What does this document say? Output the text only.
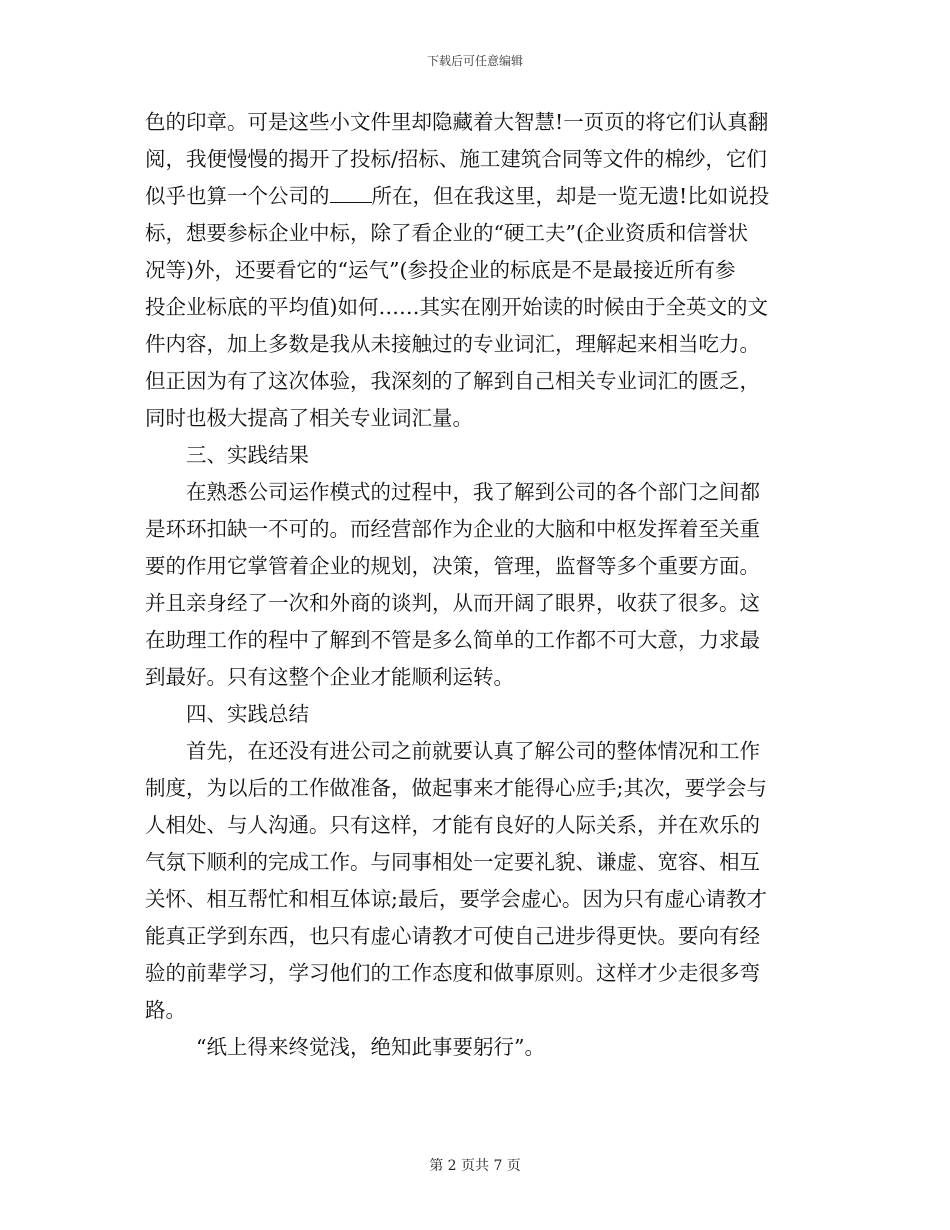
下载后可任意编辑
色的印章。可是这些小文件里却隐藏着大智慧!一页页的将它们认真翻
阅，我便慢慢的揭开了投标/招标、施工建筑合同等文件的棉纱，它们
似乎也算一个公司的 所在，但在我这里，却是一览无遗!比如说投
标，想要参标企业中标，除了看企业的“硬工夫”(企业资质和信誉状
况等)外，还要看它的“运气”(参投企业的标底是不是最接近所有参
投企业标底的平均值)如何……其实在刚开始读的时候由于全英文的文
件内容，加上多数是我从未接触过的专业词汇，理解起来相当吃力。
但正因为有了这次体验，我深刻的了解到自己相关专业词汇的匮乏，
同时也极大提高了相关专业词汇量。
三、实践结果
在熟悉公司运作模式的过程中，我了解到公司的各个部门之间都
是环环扣缺一不可的。而经营部作为企业的大脑和中枢发挥着至关重
要的作用它掌管着企业的规划，决策，管理，监督等多个重要方面。
并且亲身经了一次和外商的谈判，从而开阔了眼界，收获了很多。这
在助理工作的程中了解到不管是多么简单的工作都不可大意，力求最
到最好。只有这整个企业才能顺利运转。
四、实践总结
首先，在还没有进公司之前就要认真了解公司的整体情况和工作
制度，为以后的工作做准备，做起事来才能得心应手;其次，要学会与
人相处、与人沟通。只有这样，才能有良好的人际关系，并在欢乐的
气氛下顺利的完成工作。与同事相处一定要礼貌、谦虚、宽容、相互
关怀、相互帮忙和相互体谅;最后，要学会虚心。因为只有虚心请教才
能真正学到东西，也只有虚心请教才可使自己进步得更快。要向有经
验的前辈学习，学习他们的工作态度和做事原则。这样才少走很多弯
路。
“纸上得来终觉浅，绝知此事要躬行”。
第 2 页共 7 页
